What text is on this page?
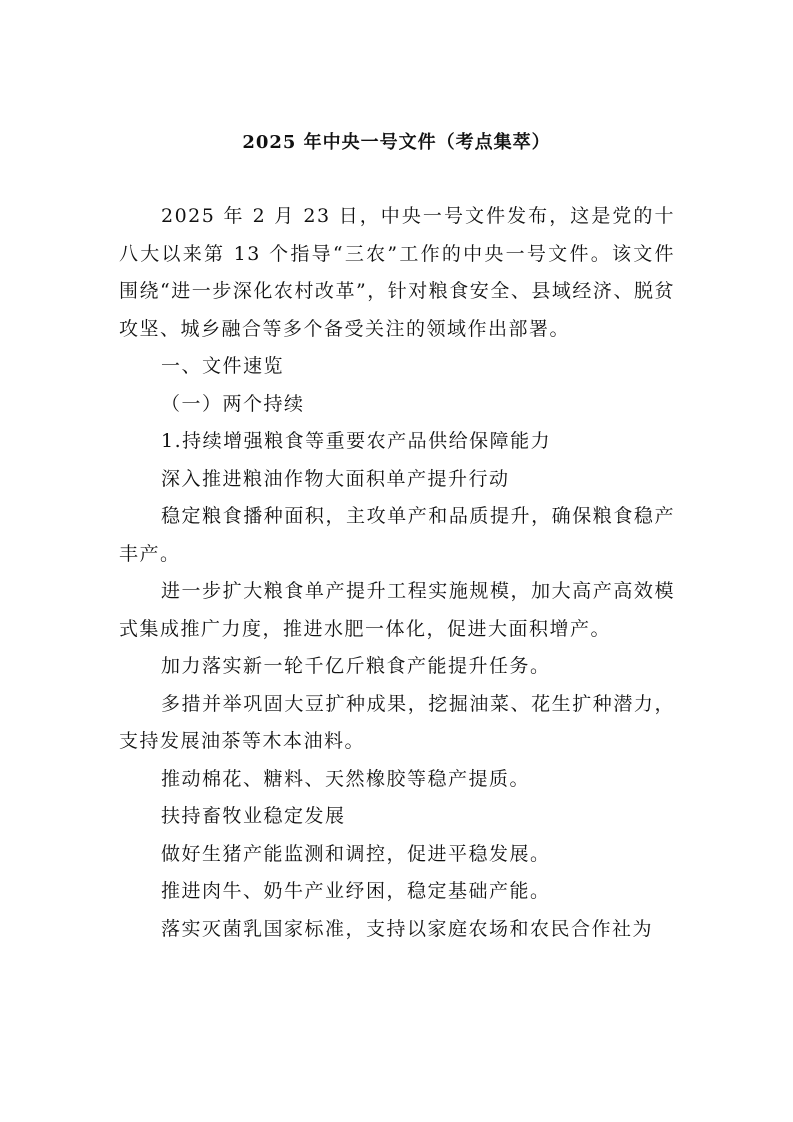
2025 年中央一号文件（考点集萃）

2025 年 2 月 23 日，中央一号文件发布，这是党的十八大以来第 13 个指导“三农”工作的中央一号文件。该文件围绕“进一步深化农村改革”，针对粮食安全、县域经济、脱贫攻坚、城乡融合等多个备受关注的领域作出部署。

一、文件速览

（一）两个持续

1.持续增强粮食等重要农产品供给保障能力

深入推进粮油作物大面积单产提升行动

稳定粮食播种面积，主攻单产和品质提升，确保粮食稳产丰产。

进一步扩大粮食单产提升工程实施规模，加大高产高效模式集成推广力度，推进水肥一体化，促进大面积增产。

加力落实新一轮千亿斤粮食产能提升任务。

多措并举巩固大豆扩种成果，挖掘油菜、花生扩种潜力，支持发展油茶等木本油料。

推动棉花、糖料、天然橡胶等稳产提质。

扶持畜牧业稳定发展

做好生猪产能监测和调控，促进平稳发展。

推进肉牛、奶牛产业纾困，稳定基础产能。

落实灭菌乳国家标准，支持以家庭农场和农民合作社为
